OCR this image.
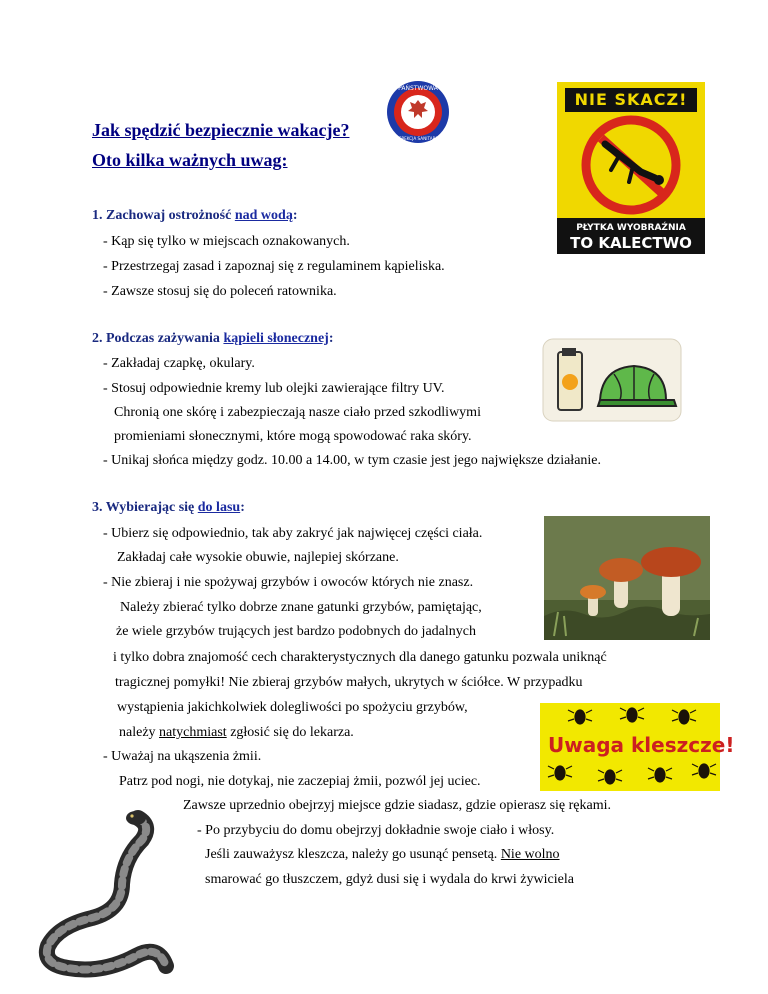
Jak spędzić bezpiecznie wakacje?
Oto kilka ważnych uwag:
PAŃSTWOWA
INSPEKCJA SANITARNA
NIE SKACZ!
PŁYTKA WYOBRAŹNIA
TO KALECTWO
1. Zachowaj ostrożność nad wodą:
- Kąp się tylko w miejscach oznakowanych.
- Przestrzegaj zasad i zapoznaj się z regulaminem kąpieliska.
- Zawsze stosuj się do poleceń ratownika.
2. Podczas zażywania kąpieli słonecznej:
- Zakładaj czapkę, okulary.
- Stosuj odpowiednie kremy lub olejki zawierające filtry UV.
Chronią one skórę i zabezpieczają nasze ciało przed szkodliwymi
promieniami słonecznymi, które mogą spowodować raka skóry.
- Unikaj słońca między godz. 10.00 a 14.00, w tym czasie jest jego największe działanie.
3. Wybierając się do lasu:
- Ubierz się odpowiednio, tak aby zakryć jak najwięcej części ciała.
Zakładaj całe wysokie obuwie, najlepiej skórzane.
- Nie zbieraj i nie spożywaj grzybów i owoców których nie znasz.
Należy zbierać tylko dobrze znane gatunki grzybów, pamiętając,
że wiele grzybów trujących jest bardzo podobnych do jadalnych
i tylko dobra znajomość cech charakterystycznych dla danego gatunku pozwala uniknąć
tragicznej pomyłki! Nie zbieraj grzybów małych, ukrytych w ściółce. W przypadku
wystąpienia jakichkolwiek dolegliwości po spożyciu grzybów,
należy natychmiast zgłosić się do lekarza.
- Uważaj na ukąszenia żmii.
Patrz pod nogi, nie dotykaj, nie zaczepiaj żmii, pozwól jej uciec.
Zawsze uprzednio obejrzyj miejsce gdzie siadasz, gdzie opierasz się rękami.
- Po przybyciu do domu obejrzyj dokładnie swoje ciało i włosy.
Jeśli zauważysz kleszcza, należy go usunąć pensetą. Nie wolno
smarować go tłuszczem, gdyż dusi się i wydala do krwi żywiciela
Uwaga kleszcze!
